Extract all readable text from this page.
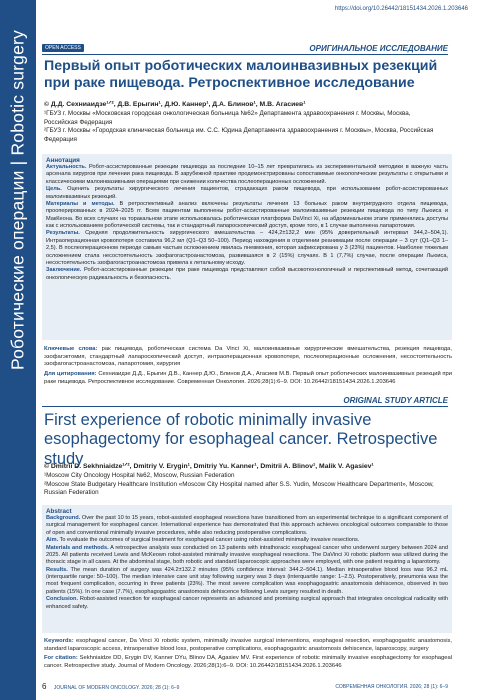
Роботические операции | Robotic surgery
https://doi.org/10.26442/18151434.2026.1.203646
OPEN ACCESS	ОРИГИНАЛЬНОЕ ИССЛЕДОВАНИЕ
Первый опыт роботических малоинвазивных резекций при раке пищевода. Ретроспективное исследование
© Д.Д. Сехниаидзе¹ᐟ², Д.В. Ерыгин¹, Д.Ю. Каннер¹, Д.А. Блинов¹, М.В. Агасиев¹
¹ГБУЗ г. Москвы «Московская городская онкологическая больница №62» Департамента здравоохранения г. Москвы, Москва, Российская Федерация
²ГБУЗ г. Москвы «Городская клиническая больница им. С.С. Юдина Департамента здравоохранения г. Москвы», Москва, Российская Федерация
Аннотация

Актуальность. Робот-ассистированные резекции пищевода за последние 10–15 лет превратились из экспериментальной методики в важную часть арсенала хирургов при лечении рака пищевода. В зарубежной практике продемонстрированы сопоставимые онкологические результаты с открытыми и классическими малоинвазивными операциями при снижении количества послеоперационных осложнений.

Цель. Оценить результаты хирургического лечения пациентов, страдающих раком пищевода, при использовании робот-ассистированных малоинвазивных резекций.

Материалы и методы. В ретроспективный анализ включены результаты лечения 13 больных раком внутригрудного отдела пищевода, прооперированных в 2024–2025 гг. Всем пациентам выполнены робот-ассистированные малоинвазивные резекции пищевода по типу Льюиса и МакКеона. Во всех случаях на торакальном этапе использовалась роботическая платформа DaVinci Xi, на абдоминальном этапе применялись доступы как с использованием роботической системы, так и стандартный лапароскопический доступ, кроме того, в 1 случае выполнена лапаротомия.

Результаты. Средняя продолжительность хирургического вмешательства – 424,2±132,2 мин (95% доверительный интервал 344,2–504,1). Интраоперационная кровопотеря составила 96,2 мл (Q1–Q3 50–100). Период нахождения в отделении реанимации после операции – 3 сут (Q1–Q3 1–2,5). В послеоперационном периоде самым частым осложнением явилась пневмония, которая зафиксирована у 3 (23%) пациентов. Наиболее тяжелым осложнением стала несостоятельность эзофагогастроанастомоза, развившаяся в 2 (15%) случаях. В 1 (7,7%) случае, после операции Льюиса, несостоятельность эзофагогастроанастомоза привела к летальному исходу.

Заключение. Робот-ассистированные резекции при раке пищевода представляют собой высокотехнологичный и перспективный метод, сочетающий онкологическую радикальность и безопасность.

Ключевые слова: рак пищевода, роботическая система Da Vinci Xi, малоинвазивные хирургические вмешательства, резекция пищевода, эзофагэктомия, стандартный лапароскопический доступ, интраоперационная кровопотеря, послеоперационные осложнения, несостоятельность эзофагогастроанастомоза, лапаротомия, хирургия

Для цитирования: Сехниаидзе Д.Д., Ерыгин Д.В., Каннер Д.Ю., Блинов Д.А., Агасиев М.В. Первый опыт роботических малоинвазивных резекций при раке пищевода. Ретроспективное исследование. Современная Онкология. 2026;28(1):6–9. DOI: 10.26442/18151434.2026.1.203646

ORIGINAL STUDY ARTICLE
First experience of robotic minimally invasive esophagectomy for esophageal cancer. Retrospective study
© Dmitrii D. Sekhniaidze¹ᐟ², Dmitriy V. Erygin¹, Dmitriy Yu. Kanner¹, Dmitrii A. Blinov¹, Malik V. Agasiev¹
¹Moscow City Oncology Hospital №62, Moscow, Russian Federation
²Moscow State Budgetary Healthcare Institution «Moscow City Hospital named after S.S. Yudin, Moscow Healthcare Department», Moscow, Russian Federation
Abstract

Background. Over the past 10 to 15 years, robot-assisted esophageal resections have transitioned from an experimental technique to a significant component of surgical management for esophageal cancer. International experience has demonstrated that this approach achieves oncological outcomes comparable to those of open and conventional minimally invasive procedures, while also reducing postoperative complications.

Aim. To evaluate the outcomes of surgical treatment for esophageal cancer using robot-assisted minimally invasive resections.

Materials and methods. A retrospective analysis was conducted on 13 patients with intrathoracic esophageal cancer who underwent surgery between 2024 and 2025. All patients received Lewis and McKeown robot-assisted minimally invasive esophageal resections. The DaVinci Xi robotic platform was utilized during the thoracic stage in all cases. At the abdominal stage, both robotic and standard laparoscopic approaches were employed, with one patient requiring a laparotomy.

Results. The mean duration of surgery was 424.2±132.2 minutes (95% confidence interval: 344.2–504.1). Median intraoperative blood loss was 96.2 mL (interquartile range: 50–100). The median intensive care unit stay following surgery was 3 days (interquartile range: 1–2.5). Postoperatively, pneumonia was the most frequent complication, occurring in three patients (23%). The most severe complication was esophagogastric anastomosis dehiscence, observed in two patients (15%). In one case (7.7%), esophagogastric anastomosis dehiscence following Lewis surgery resulted in death.

Conclusion. Robot-assisted resection for esophageal cancer represents an advanced and promising surgical approach that integrates oncological radicality with enhanced safety.

Keywords: esophageal cancer, Da Vinci Xi robotic system, minimally invasive surgical interventions, esophageal resection, esophagogastric anastomosis, standard laparoscopic access, intraoperative blood loss, postoperative complications, esophagogastric anastomosis dehiscence, laparoscopy, surgery

For citation: Sekhniaidze DD, Erygin DV, Kanner DYu, Blinov DA, Agasiev MV. First experience of robotic minimally invasive esophagectomy for esophageal cancer. Retrospective study. Journal of Modern Oncology. 2026;28(1):6–9. DOI: 10.26442/18151434.2026.1.203646

6 JOURNAL OF MODERN ONCOLOGY. 2026; 28 (1): 6–9	СОВРЕМЕННАЯ ОНКОЛОГИЯ. 2026; 28 (1): 6–9
